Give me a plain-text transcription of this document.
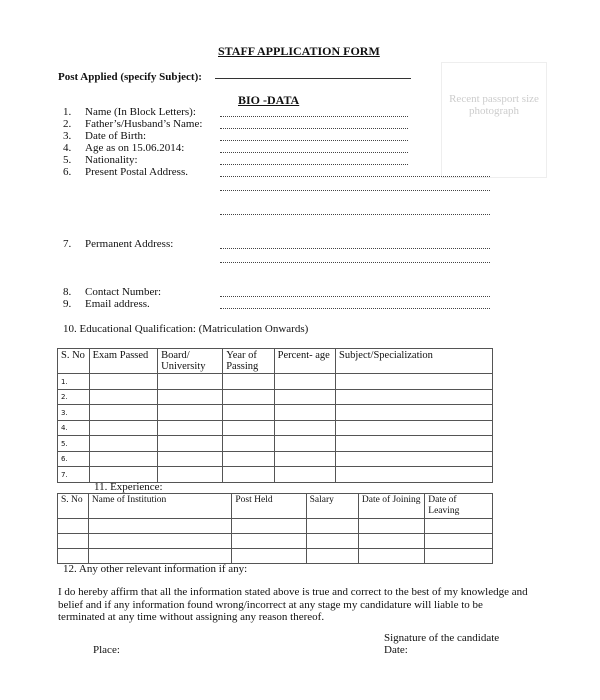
STAFF APPLICATION FORM
Post Applied (specify Subject):
Recent passport size photograph
BIO -DATA
1. Name (In Block Letters):
2. Father’s/Husband’s Name:
3. Date of Birth:
4. Age as on 15.06.2014:
5. Nationality:
6. Present Postal Address.
7. Permanent Address:
8. Contact Number:
9. Email address.
10. Educational Qualification: (Matriculation Onwards)
S. No	Exam Passed	Board/ University	Year of Passing	Percent- age	Subject/Specialization
1.					
2.					
3.					
4.					
5.					
6.					
7.					
11. Experience:
S. No	Name of Institution	Post Held	Salary	Date of Joining	Date of Leaving

12. Any other relevant information if any:
I do hereby affirm that all the information stated above is true and correct to the best of my knowledge and belief and if any information found wrong/incorrect at any stage my candidature will liable to be terminated at any time without assigning any reason thereof.
Signature of the candidate
Place:	Date:
